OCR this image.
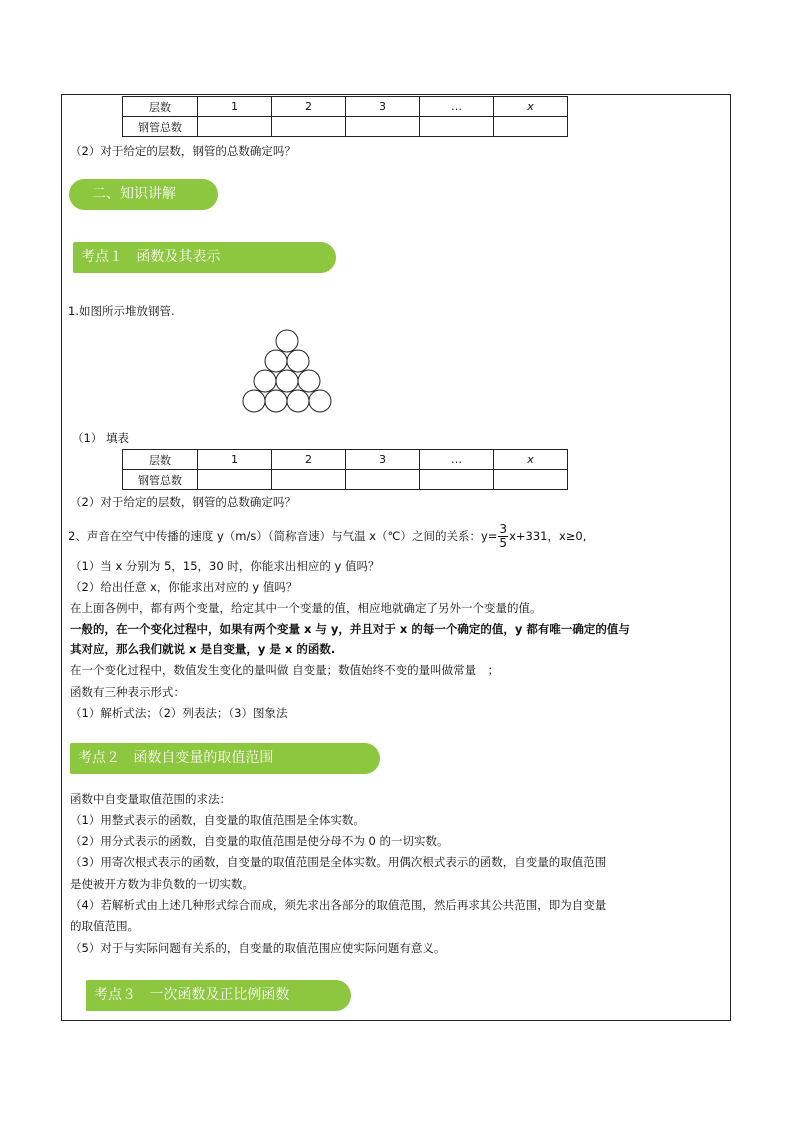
层数	1	2	3	…	x
钢管总数					
（2）对于给定的层数，钢管的总数确定吗？
二、知识讲解
考点１ 函数及其表示
1.如图所示堆放钢管.
（1） 填表
层数	1	2	3	…	x
钢管总数					
（2）对于给定的层数，钢管的总数确定吗？
2、声音在空气中传播的速度 y（m/s）（简称音速）与气温 x（℃）之间的关系：$y= \frac{3}{5} x+331$，x≥0,
（1）当 x 分别为 5，15，30 时，你能求出相应的 y 值吗？
（2）给出任意 x，你能求出对应的 y 值吗？
在上面各例中，都有两个变量，给定其中一个变量的值，相应地就确定了另外一个变量的值。
一般的，在一个变化过程中，如果有两个变量 x 与 y，并且对于 x 的每一个确定的值，y 都有唯一确定的值与
其对应，那么我们就说 x 是自变量，y 是 x 的函数.
在一个变化过程中，数值发生变化的量叫做 自变量；数值始终不变的量叫做常量　；
函数有三种表示形式：
（1）解析式法；（2）列表法；（3）图象法
考点２ 函数自变量的取值范围
函数中自变量取值范围的求法：
（1）用整式表示的函数，自变量的取值范围是全体实数。
（2）用分式表示的函数，自变量的取值范围是使分母不为 0 的一切实数。
（3）用寄次根式表示的函数，自变量的取值范围是全体实数。用偶次根式表示的函数，自变量的取值范围
是使被开方数为非负数的一切实数。
（4）若解析式由上述几种形式综合而成，须先求出各部分的取值范围，然后再求其公共范围，即为自变量
的取值范围。
（5）对于与实际问题有关系的，自变量的取值范围应使实际问题有意义。
考点３ 一次函数及正比例函数
